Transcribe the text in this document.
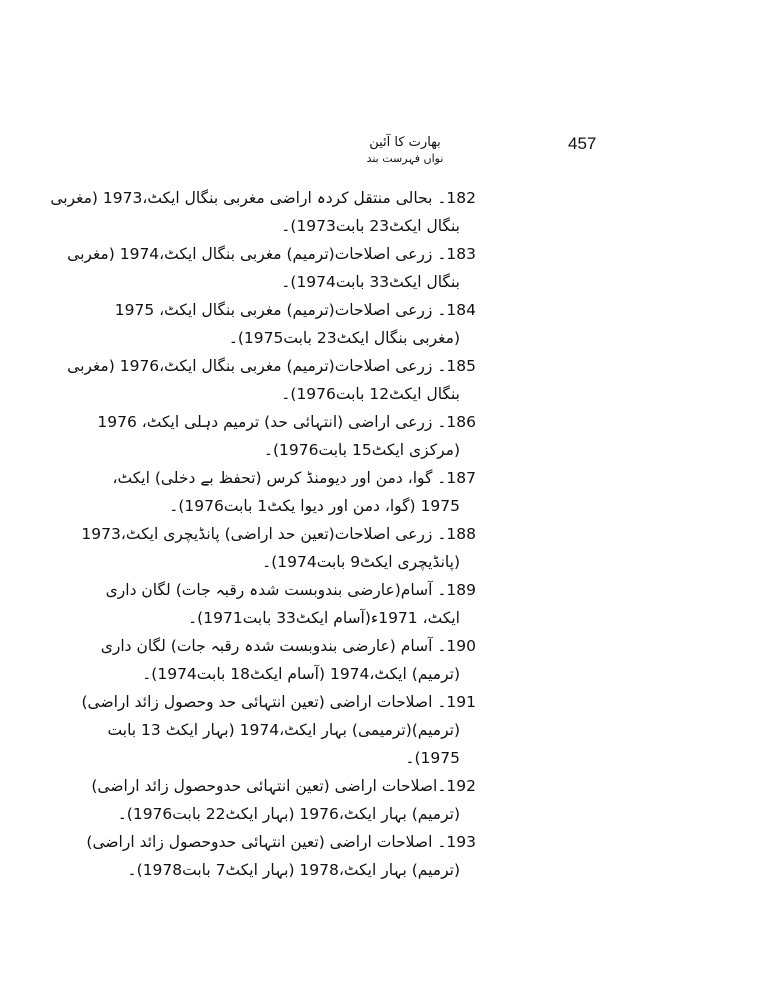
457
بھارت کا آئین
نواں فہرست بند
182۔ بحالی منتقل کردہ اراضی مغربی بنگال ایکٹ،1973 (مغربی
بنگال ایکٹ23 بابت1973)۔
183۔ زرعی اصلاحات(ترمیم) مغربی بنگال ایکٹ،1974 (مغربی
بنگال ایکٹ33 بابت1974)۔
184۔ زرعی اصلاحات(ترمیم) مغربی بنگال ایکٹ، 1975
(مغربی بنگال ایکٹ23 بابت1975)۔
185۔ زرعی اصلاحات(ترمیم) مغربی بنگال ایکٹ،1976 (مغربی
بنگال ایکٹ12 بابت1976)۔
186۔ زرعی اراضی (انتہائی حد) ترمیم دہلی ایکٹ، 1976
(مرکزی ایکٹ15 بابت1976)۔
187۔ گوا، دمن اور دیومنڈ کرس (تحفظ بے دخلی) ایکٹ،
1975 (گوا، دمن اور دیوا یکٹ1 بابت1976)۔
188۔ زرعی اصلاحات(تعین حد اراضی) پانڈیچری ایکٹ،1973
(پانڈیچری ایکٹ9 بابت1974)۔
189۔ آسام(عارضی بندوبست شدہ رقبہ جات) لگان داری
ایکٹ، 1971ء(آسام ایکٹ33 بابت1971)۔
190۔ آسام (عارضی بندوبست شدہ رقبہ جات) لگان داری
(ترمیم) ایکٹ،1974 (آسام ایکٹ18 بابت1974)۔
191۔ اصلاحات اراضی (تعین انتہائی حد وحصول زائد اراضی)
(ترمیم)(ترمیمی) بہار ایکٹ،1974 (بہار ایکٹ 13 بابت
1975)۔
192۔اصلاحات اراضی (تعین انتہائی حدوحصول زائد اراضی)
(ترمیم) بہار ایکٹ،1976 (بہار ایکٹ22 بابت1976)۔
193۔ اصلاحات اراضی (تعین انتہائی حدوحصول زائد اراضی)
(ترمیم) بہار ایکٹ،1978 (بہار ایکٹ7 بابت1978)۔
